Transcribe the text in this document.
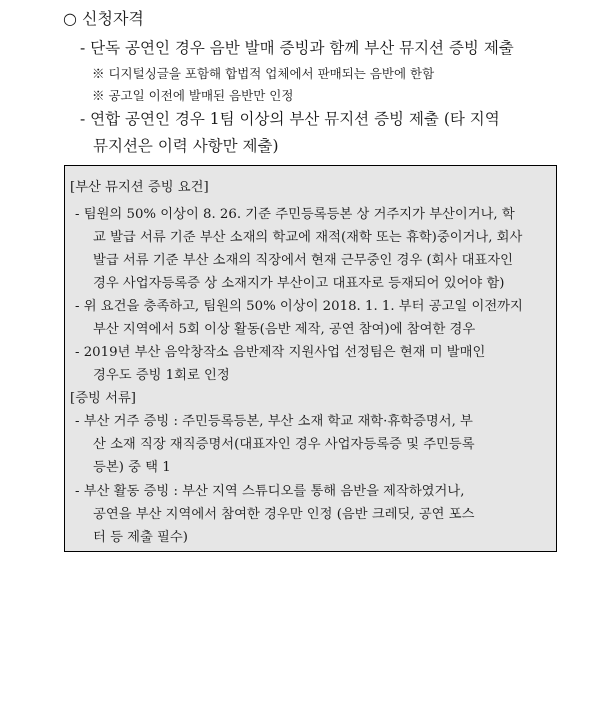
○ 신청자격
- 단독 공연인 경우 음반 발매 증빙과 함께 부산 뮤지션 증빙 제출
※ 디지털싱글을 포함해 합법적 업체에서 판매되는 음반에 한함
※ 공고일 이전에 발매된 음반만 인정
- 연합 공연인 경우 1팀 이상의 부산 뮤지션 증빙 제출 (타 지역
뮤지션은 이력 사항만 제출)
[부산 뮤지션 증빙 요건]
- 팀원의 50% 이상이 8. 26. 기준 주민등록등본 상 거주지가 부산이거나, 학
교 발급 서류 기준 부산 소재의 학교에 재적(재학 또는 휴학)중이거나, 회사
발급 서류 기준 부산 소재의 직장에서 현재 근무중인 경우 (회사 대표자인
경우 사업자등록증 상 소재지가 부산이고 대표자로 등재되어 있어야 함)
- 위 요건을 충족하고, 팀원의 50% 이상이 2018. 1. 1. 부터 공고일 이전까지
부산 지역에서 5회 이상 활동(음반 제작, 공연 참여)에 참여한 경우
- 2019년 부산 음악창작소 음반제작 지원사업 선정팀은 현재 미 발매인
경우도 증빙 1회로 인정
[증빙 서류]
- 부산 거주 증빙 : 주민등록등본, 부산 소재 학교 재학·휴학증명서, 부
산 소재 직장 재직증명서(대표자인 경우 사업자등록증 및 주민등록
등본) 중 택 1
- 부산 활동 증빙 : 부산 지역 스튜디오를 통해 음반을 제작하였거나,
공연을 부산 지역에서 참여한 경우만 인정 (음반 크레딧, 공연 포스
터 등 제출 필수)
